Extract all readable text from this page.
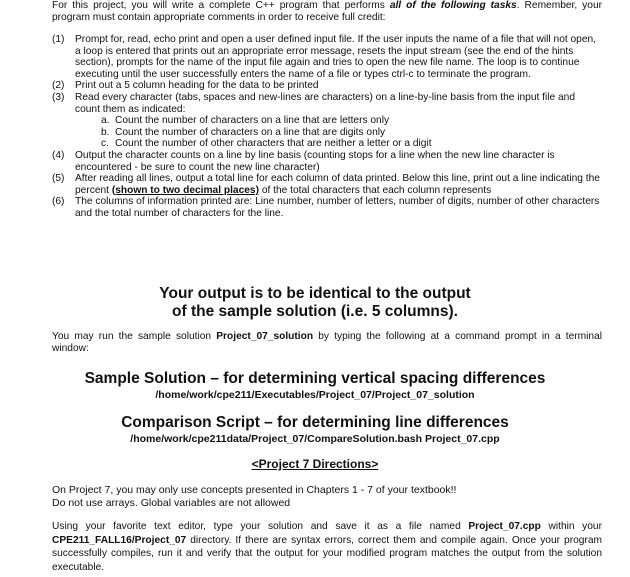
For this project, you will write a complete C++ program that performs all of the following tasks. Remember, your program must contain appropriate comments in order to receive full credit:

(1) Prompt for, read, echo print and open a user defined input file. If the user inputs the name of a file that will not open, a loop is entered that prints out an appropriate error message, resets the input stream (see the end of the hints section), prompts for the name of the input file again and tries to open the new file name. The loop is to continue executing until the user successfully enters the name of a file or types ctrl-c to terminate the program.
(2) Print out a 5 column heading for the data to be printed
(3) Read every character (tabs, spaces and new-lines are characters) on a line-by-line basis from the input file and count them as indicated:
a. Count the number of characters on a line that are letters only
b. Count the number of characters on a line that are digits only
c. Count the number of other characters that are neither a letter or a digit
(4) Output the character counts on a line by line basis (counting stops for a line when the new line character is encountered - be sure to count the new line character)
(5) After reading all lines, output a total line for each column of data printed. Below this line, print out a line indicating the percent (shown to two decimal places) of the total characters that each column represents
(6) The columns of information printed are: Line number, number of letters, number of digits, number of other characters and the total number of characters for the line.

Your output is to be identical to the output

of the sample solution (i.e. 5 columns).

You may run the sample solution Project_07_solution by typing the following at a command prompt in a terminal window:

Sample Solution – for determining vertical spacing differences

/home/work/cpe211/Executables/Project_07/Project_07_solution

Comparison Script – for determining line differences

/home/work/cpe211data/Project_07/CompareSolution.bash Project_07.cpp

<Project 7 Directions>

On Project 7, you may only use concepts presented in Chapters 1 - 7 of your textbook!!

Do not use arrays. Global variables are not allowed

Using your favorite text editor, type your solution and save it as a file named Project_07.cpp within your CPE211_FALL16/Project_07 directory. If there are syntax errors, correct them and compile again. Once your program successfully compiles, run it and verify that the output for your modified program matches the output from the solution executable.
